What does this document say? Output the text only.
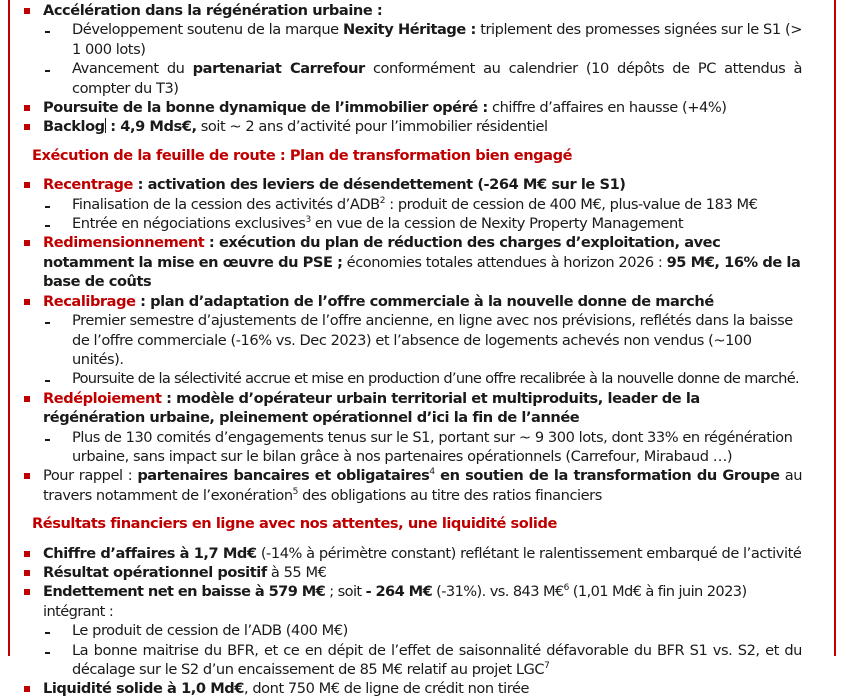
Accélération dans la régénération urbaine :
Développement soutenu de la marque Nexity Héritage : triplement des promesses signées sur le S1 (> 1 000 lots)
Avancement du partenariat Carrefour conformément au calendrier (10 dépôts de PC attendus à compter du T3)
Poursuite de la bonne dynamique de l’immobilier opéré : chiffre d’affaires en hausse (+4%)
Backlog : 4,9 Mds€, soit ~ 2 ans d’activité pour l’immobilier résidentiel
Exécution de la feuille de route : Plan de transformation bien engagé
Recentrage : activation des leviers de désendettement (-264 M€ sur le S1)
Finalisation de la cession des activités d’ADB$^2$ : produit de cession de 400 M€, plus-value de 183 M€
Entrée en négociations exclusives$^3$ en vue de la cession de Nexity Property Management
Redimensionnement : exécution du plan de réduction des charges d’exploitation, avec notamment la mise en œuvre du PSE ; économies totales attendues à horizon 2026 : 95 M€, 16% de la base de coûts
Recalibrage : plan d’adaptation de l’offre commerciale à la nouvelle donne de marché
Premier semestre d’ajustements de l’offre ancienne, en ligne avec nos prévisions, reflétés dans la baisse de l’offre commerciale (-16% vs. Dec 2023) et l’absence de logements achevés non vendus (~100 unités).
Poursuite de la sélectivité accrue et mise en production d’une offre recalibrée à la nouvelle donne de marché.
Redéploiement : modèle d’opérateur urbain territorial et multiproduits, leader de la régénération urbaine, pleinement opérationnel d’ici la fin de l’année
Plus de 130 comités d’engagements tenus sur le S1, portant sur ~ 9 300 lots, dont 33% en régénération urbaine, sans impact sur le bilan grâce à nos partenaires opérationnels (Carrefour, Mirabaud …)
Pour rappel : partenaires bancaires et obligataires$^4$ en soutien de la transformation du Groupe au travers notamment de l’exonération$^5$ des obligations au titre des ratios financiers
Résultats financiers en ligne avec nos attentes, une liquidité solide
Chiffre d’affaires à 1,7 Md€ (-14% à périmètre constant) reflétant le ralentissement embarqué de l’activité
Résultat opérationnel positif à 55 M€
Endettement net en baisse à 579 M€ ; soit - 264 M€ (-31%). vs. 843 M€$^6$ (1,01 Md€ à fin juin 2023) intégrant :
Le produit de cession de l’ADB (400 M€)
La bonne maitrise du BFR, et ce en dépit de l’effet de saisonnalité défavorable du BFR S1 vs. S2, et du décalage sur le S2 d’un encaissement de 85 M€ relatif au projet LGC$^7$
Liquidité solide à 1,0 Md€, dont 750 M€ de ligne de crédit non tirée
